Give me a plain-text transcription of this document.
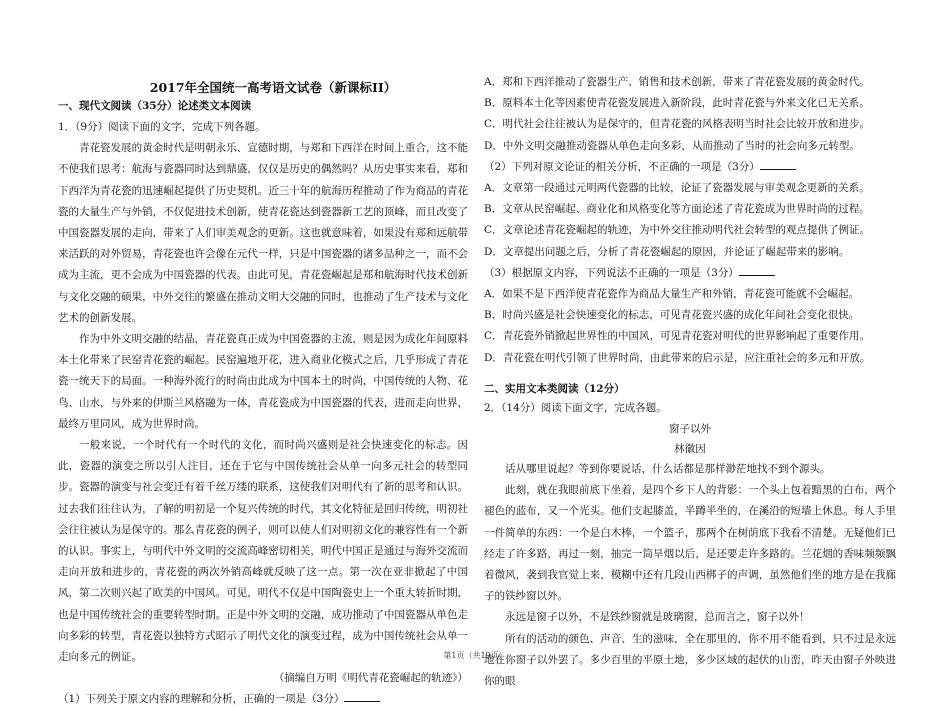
2017年全国统一高考语文试卷（新课标II）
一、现代文阅读（35分）论述类文本阅读
1．（9分）阅读下面的文字，完成下列各题。

青花瓷发展的黄金时代是明朝永乐、宣德时期，与郑和下西洋在时间上重合，这不能不使我们思考：航海与瓷器同时达到鼎盛，仅仅是历史的偶然吗？从历史事实来看，郑和下西洋为青花瓷的迅速崛起提供了历史契机。近三十年的航海历程推动了作为商品的青花瓷的大量生产与外销，不仅促进技术创新，使青花瓷达到瓷器新工艺的顶峰，而且改变了中国瓷器发展的走向，带来了人们审美观念的更新。这也就意味着，如果没有郑和远航带来活跃的对外贸易，青花瓷也许会像在元代一样，只是中国瓷器的诸多品种之一，而不会成为主流，更不会成为中国瓷器的代表。由此可见，青花瓷崛起是郑和航海时代技术创新与文化交融的硕果，中外交往的繁盛在推动文明大交融的同时，也推动了生产技术与文化艺术的创新发展。

作为中外文明交融的结晶，青花瓷真正成为中国瓷器的主流，则是因为成化年间原料本土化带来了民窑青花瓷的崛起。民窑遍地开花，进入商业化模式之后，几乎形成了青花瓷一统天下的局面。一种海外流行的时尚由此成为中国本土的时尚，中国传统的人物、花鸟、山水，与外来的伊斯兰风格融为一体，青花瓷成为中国瓷器的代表，进而走向世界，最终万里同风，成为世界时尚。

一般来说，一个时代有一个时代的文化，而时尚兴盛则是社会快速变化的标志。因此，瓷器的演变之所以引人注目，还在于它与中国传统社会从单一向多元社会的转型同步。瓷器的演变与社会变迁有着千丝万缕的联系，这使我们对明代有了新的思考和认识。过去我们往往认为，了解的明初是一个复兴传统的时代，其文化特征是回归传统，明初社会往往被认为是保守的。那么青花瓷的例子，则可以使人们对明初文化的兼容性有一个新的认识。事实上，与明代中外文明的交流高峰密切相关，明代中国正是通过与海外交流而走向开放和进步的，青花瓷的两次外销高峰就反映了这一点。第一次在亚非掀起了中国风，第二次则兴起了欧美的中国风。可见，明代不仅是中国陶瓷史上一个重大转折时期，也是中国传统社会的重要转型时期。正是中外文明的交融，成功推动了中国瓷器从单色走向多彩的转型，青花瓷以独特方式昭示了明代文化的演变过程，成为中国传统社会从单一走向多元的例证。

（摘编自万明《明代青花瓷崛起的轨迹》）
（1）下列关于原文内容的理解和分析，正确的一项是（3分）
A．郑和下西洋推动了瓷器生产、销售和技术创新，带来了青花瓷发展的黄金时代。
B．原料本土化等因素使青花瓷发展进入新阶段，此时青花瓷与外来文化已无关系。
C．明代社会往往被认为是保守的，但青花瓷的风格表明当时社会比较开放和进步。
D．中外文明交融推动瓷器从单色走向多彩，从而推动了当时的社会向多元转型。
（2）下列对原文论证的相关分析，不正确的一项是（3分）
A．文章第一段通过元明两代瓷器的比较，论证了瓷器发展与审美观念更新的关系。
B．文章从民窑崛起、商业化和风格变化等方面论述了青花瓷成为世界时尚的过程。
C．文章论述青花瓷崛起的轨迹，为中外交往推动明代社会转型的观点提供了例证。
D．文章提出问题之后，分析了青花瓷崛起的原因，并论证了崛起带来的影响。
（3）根据原文内容，下列说法不正确的一项是（3分）
A．如果不是下西洋使青花瓷作为商品大量生产和外销，青花瓷可能就不会崛起。
B．时尚兴盛是社会快速变化的标志，可见青花瓷兴盛的成化年间社会变化很快。
C．青花瓷外销掀起世界性的中国风，可见青花瓷对明代的世界影响起了重要作用。
D．青花瓷在明代引领了世界时尚，由此带来的启示是，应注重社会的多元和开放。
二、实用文本类阅读（12分）
2．（14分）阅读下面文字，完成各题。
窗子以外
林徽因

话从哪里说起？等到你要说话，什么话都是那样渺茫地找不到个源头。

此刻，就在我眼前底下坐着，是四个乡下人的背影：一个头上包着黯黑的白布，两个褪色的蓝布，又一个光头。他们支起膝盖，半蹲半坐的，在溪沿的短墙上休息。每人手里一件简单的东西：一个是白木棒，一个篮子，那两个在树荫底下我看不清楚。无疑他们已经走了许多路，再过一刻，抽完一筒旱烟以后，是还要走许多路的。兰花烟的香味频频飘着微风，袭到我官觉上来，模糊中还有几段山西梆子的声调，虽然他们坐的地方是在我廊子的铁纱窗以外。

永远是窗子以外，不是铁纱窗就是玻璃窗，总而言之，窗子以外！

所有的活动的颜色、声音、生的滋味，全在那里的，你不用不能看到，只不过是永远地在你窗子以外罢了。多少百里的平原土地，多少区域的起伏的山峦，昨天由窗子外映进你的眼

第1页（共19页）
